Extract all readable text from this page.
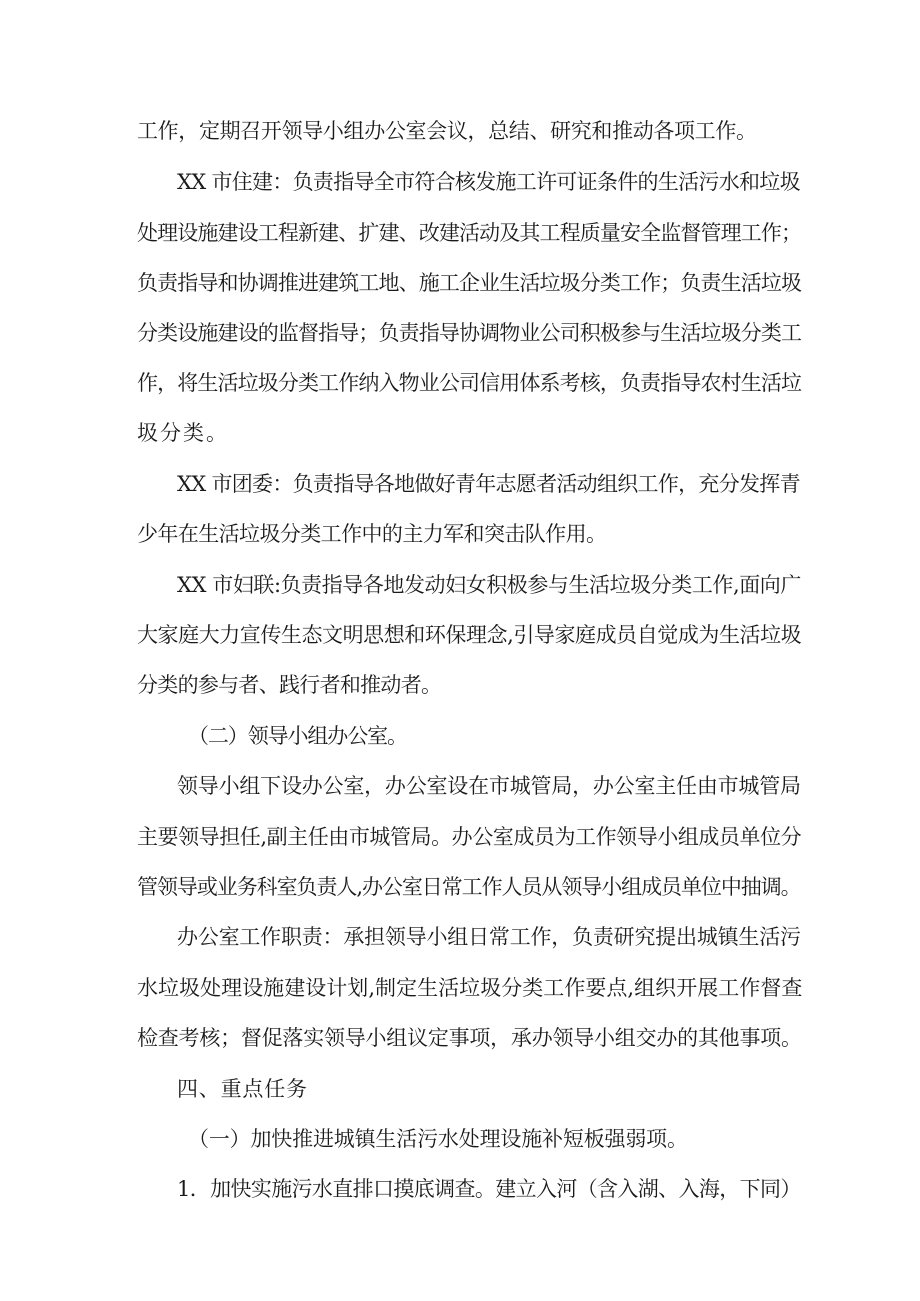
工作，定期召开领导小组办公室会议，总结、研究和推动各项工作。
XX 市住建：负责指导全市符合核发施工许可证条件的生活污水和垃圾
处理设施建设工程新建、扩建、改建活动及其工程质量安全监督管理工作；
负责指导和协调推进建筑工地、施工企业生活垃圾分类工作；负责生活垃圾
分类设施建设的监督指导；负责指导协调物业公司积极参与生活垃圾分类工
作，将生活垃圾分类工作纳入物业公司信用体系考核，负责指导农村生活垃
圾分类。
XX 市团委：负责指导各地做好青年志愿者活动组织工作，充分发挥青
少年在生活垃圾分类工作中的主力军和突击队作用。
XX 市妇联:负责指导各地发动妇女积极参与生活垃圾分类工作,面向广
大家庭大力宣传生态文明思想和环保理念,引导家庭成员自觉成为生活垃圾
分类的参与者、践行者和推动者。
（二）领导小组办公室。
领导小组下设办公室，办公室设在市城管局，办公室主任由市城管局
主要领导担任,副主任由市城管局。办公室成员为工作领导小组成员单位分
管领导或业务科室负责人,办公室日常工作人员从领导小组成员单位中抽调。
办公室工作职责：承担领导小组日常工作，负责研究提出城镇生活污
水垃圾处理设施建设计划,制定生活垃圾分类工作要点,组织开展工作督查
检查考核；督促落实领导小组议定事项，承办领导小组交办的其他事项。
四、重点任务
（一）加快推进城镇生活污水处理设施补短板强弱项。
1．加快实施污水直排口摸底调查。建立入河（含入湖、入海，下同）
